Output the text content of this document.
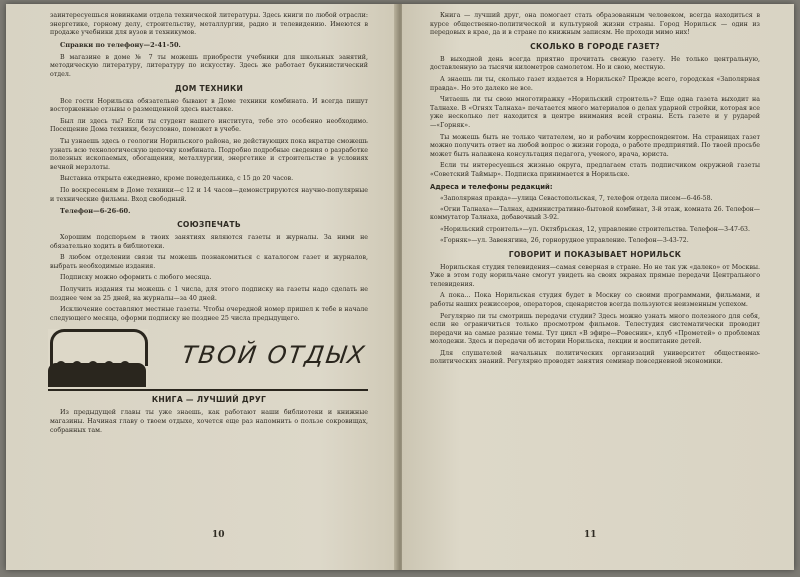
заинтересуешься новинками отдела технической литературы. Здесь книги по любой отрасли: энергетике, горному делу, строительству, металлургии, радио и телевидению. Имеются в продаже учебники для вузов и техникумов.

Справки по телефону—2-41-50.

В магазине в доме № 7 ты можешь приобрести учебники для школьных занятий, методическую литературу, литературу по искусству. Здесь же работает букинистический отдел.

ДОМ ТЕХНИКИ

Все гости Норильска обязательно бывают в Доме техники комбината. И всегда пишут восторженные отзывы о размещенной здесь выставке.

Был ли здесь ты? Если ты студент нашего института, тебе это особенно необходимо. Посещение Дома техники, безусловно, поможет в учебе.

Ты узнаешь здесь о геологии Норильского района, не действующих пока вкратце сможешь узнать всю технологическую цепочку комбината. Подробно подробные сведения о разработке полезных ископаемых, обогащении, металлургии, энергетике и строительстве в условиях вечной мерзлоты.

Выставка открыта ежедневно, кроме понедельника, с 15 до 20 часов.

По воскресеньям в Доме техники—с 12 и 14 часов—демонстрируются научно-популярные и технические фильмы. Вход свободный.

Телефон—6-26-60.
СОЮЗПЕЧАТЬ

Хорошим подспорьем в твоих занятиях являются газеты и журналы. За ними не обязательно ходить в библиотеки.

В любом отделении связи ты можешь познакомиться с каталогом газет и журналов, выбрать необходимые издания.

Подписку можно оформить с любого месяца.

Получить издания ты можешь с 1 числа, для этого подписку на газеты надо сделать не позднее чем за 25 дней, на журналы—за 40 дней.

Исключение составляют местные газеты. Чтобы очередной номер пришел к тебе в начале следующего месяца, оформи подписку не позднее 25 числа предыдущего.

ТВОЙ ОТДЫХ
КНИГА — ЛУЧШИЙ ДРУГ

Из предыдущей главы ты уже знаешь, как работают наши библиотеки и книжные магазины. Начиная главу о твоем отдыхе, хочется еще раз напомнить о пользе сокровищах, собранных там.

10

Книга — лучший друг, она помогает стать образованным человеком, всегда находиться в курсе общественно-политической и культурной жизни страны. Город Норильск — один из передовых в крае, да и в стране по книжным записям. Не проходи мимо них!

СКОЛЬКО В ГОРОДЕ ГАЗЕТ?

В выходной день всегда приятно прочитать свежую газету. Не только центральную, доставленную за тысячи километров самолетом. Но и свою, местную.

А знаешь ли ты, сколько газет издается в Норильске? Прежде всего, городская «Заполярная правда». Но это далеко не все.

Читаешь ли ты свою многотиражку «Норильский строитель»? Еще одна газета выходит на Талнахе. В «Огнях Талнаха» печатается много материалов о делах ударной стройки, которая все уже несколько лет находится в центре внимания всей страны. Есть газете и у рударей—«Горняк».

Ты можешь быть не только читателем, но и рабочим корреспондентом. На страницах газет можно получить ответ на любой вопрос о жизни города, о работе предприятий. По твоей просьбе может быть налажена консультация педагога, ученого, врача, юриста.

Если ты интересуешься жизнью округа, предлагаем стать подписчиком окружной газеты «Советский Таймыр». Подписка принимается в Норильске.

Адреса и телефоны редакций:
«Заполярная правда»—улица Севастопольская, 7, телефон отдела писем—6-46-58.
«Огни Талнаха»—Талнах, административно-бытовой комбинат, 3-й этаж, комната 26. Телефон—коммутатор Талнаха, добавочный 3-92.
«Норильский строитель»—ул. Октябрьская, 12, управление строительства. Телефон—3-47-63.
«Горняк»—ул. Завенягина, 26, горнорудное управление. Телефон—3-43-72.
ГОВОРИТ И ПОКАЗЫВАЕТ НОРИЛЬСК

Норильская студия телевидения—самая северная в стране. Но не так уж «далеко» от Москвы. Уже в этом году норильчане смогут увидеть на своих экранах прямые передачи Центрального телевидения.

А пока... Пока Норильская студия будет в Москву со своими программами, фильмами, и работы наших режиссеров, операторов, сценаристов всегда пользуются неизменным успехом.

Регулярно ли ты смотришь передачи студии? Здесь можно узнать много полезного для себя, если не ограничиться только просмотром фильмов. Телестудия систематически проводит передачи на самые разные темы. Тут цикл «В эфире—Ровесник», клуб «Прометей» о проблемах молодежи. Здесь и передачи об истории Норильска, лекции и воспитание детей.

Для слушателей начальных политических организаций университет общественно-политических знаний. Регулярно проводят занятия семинар повседневной экономики.

11
